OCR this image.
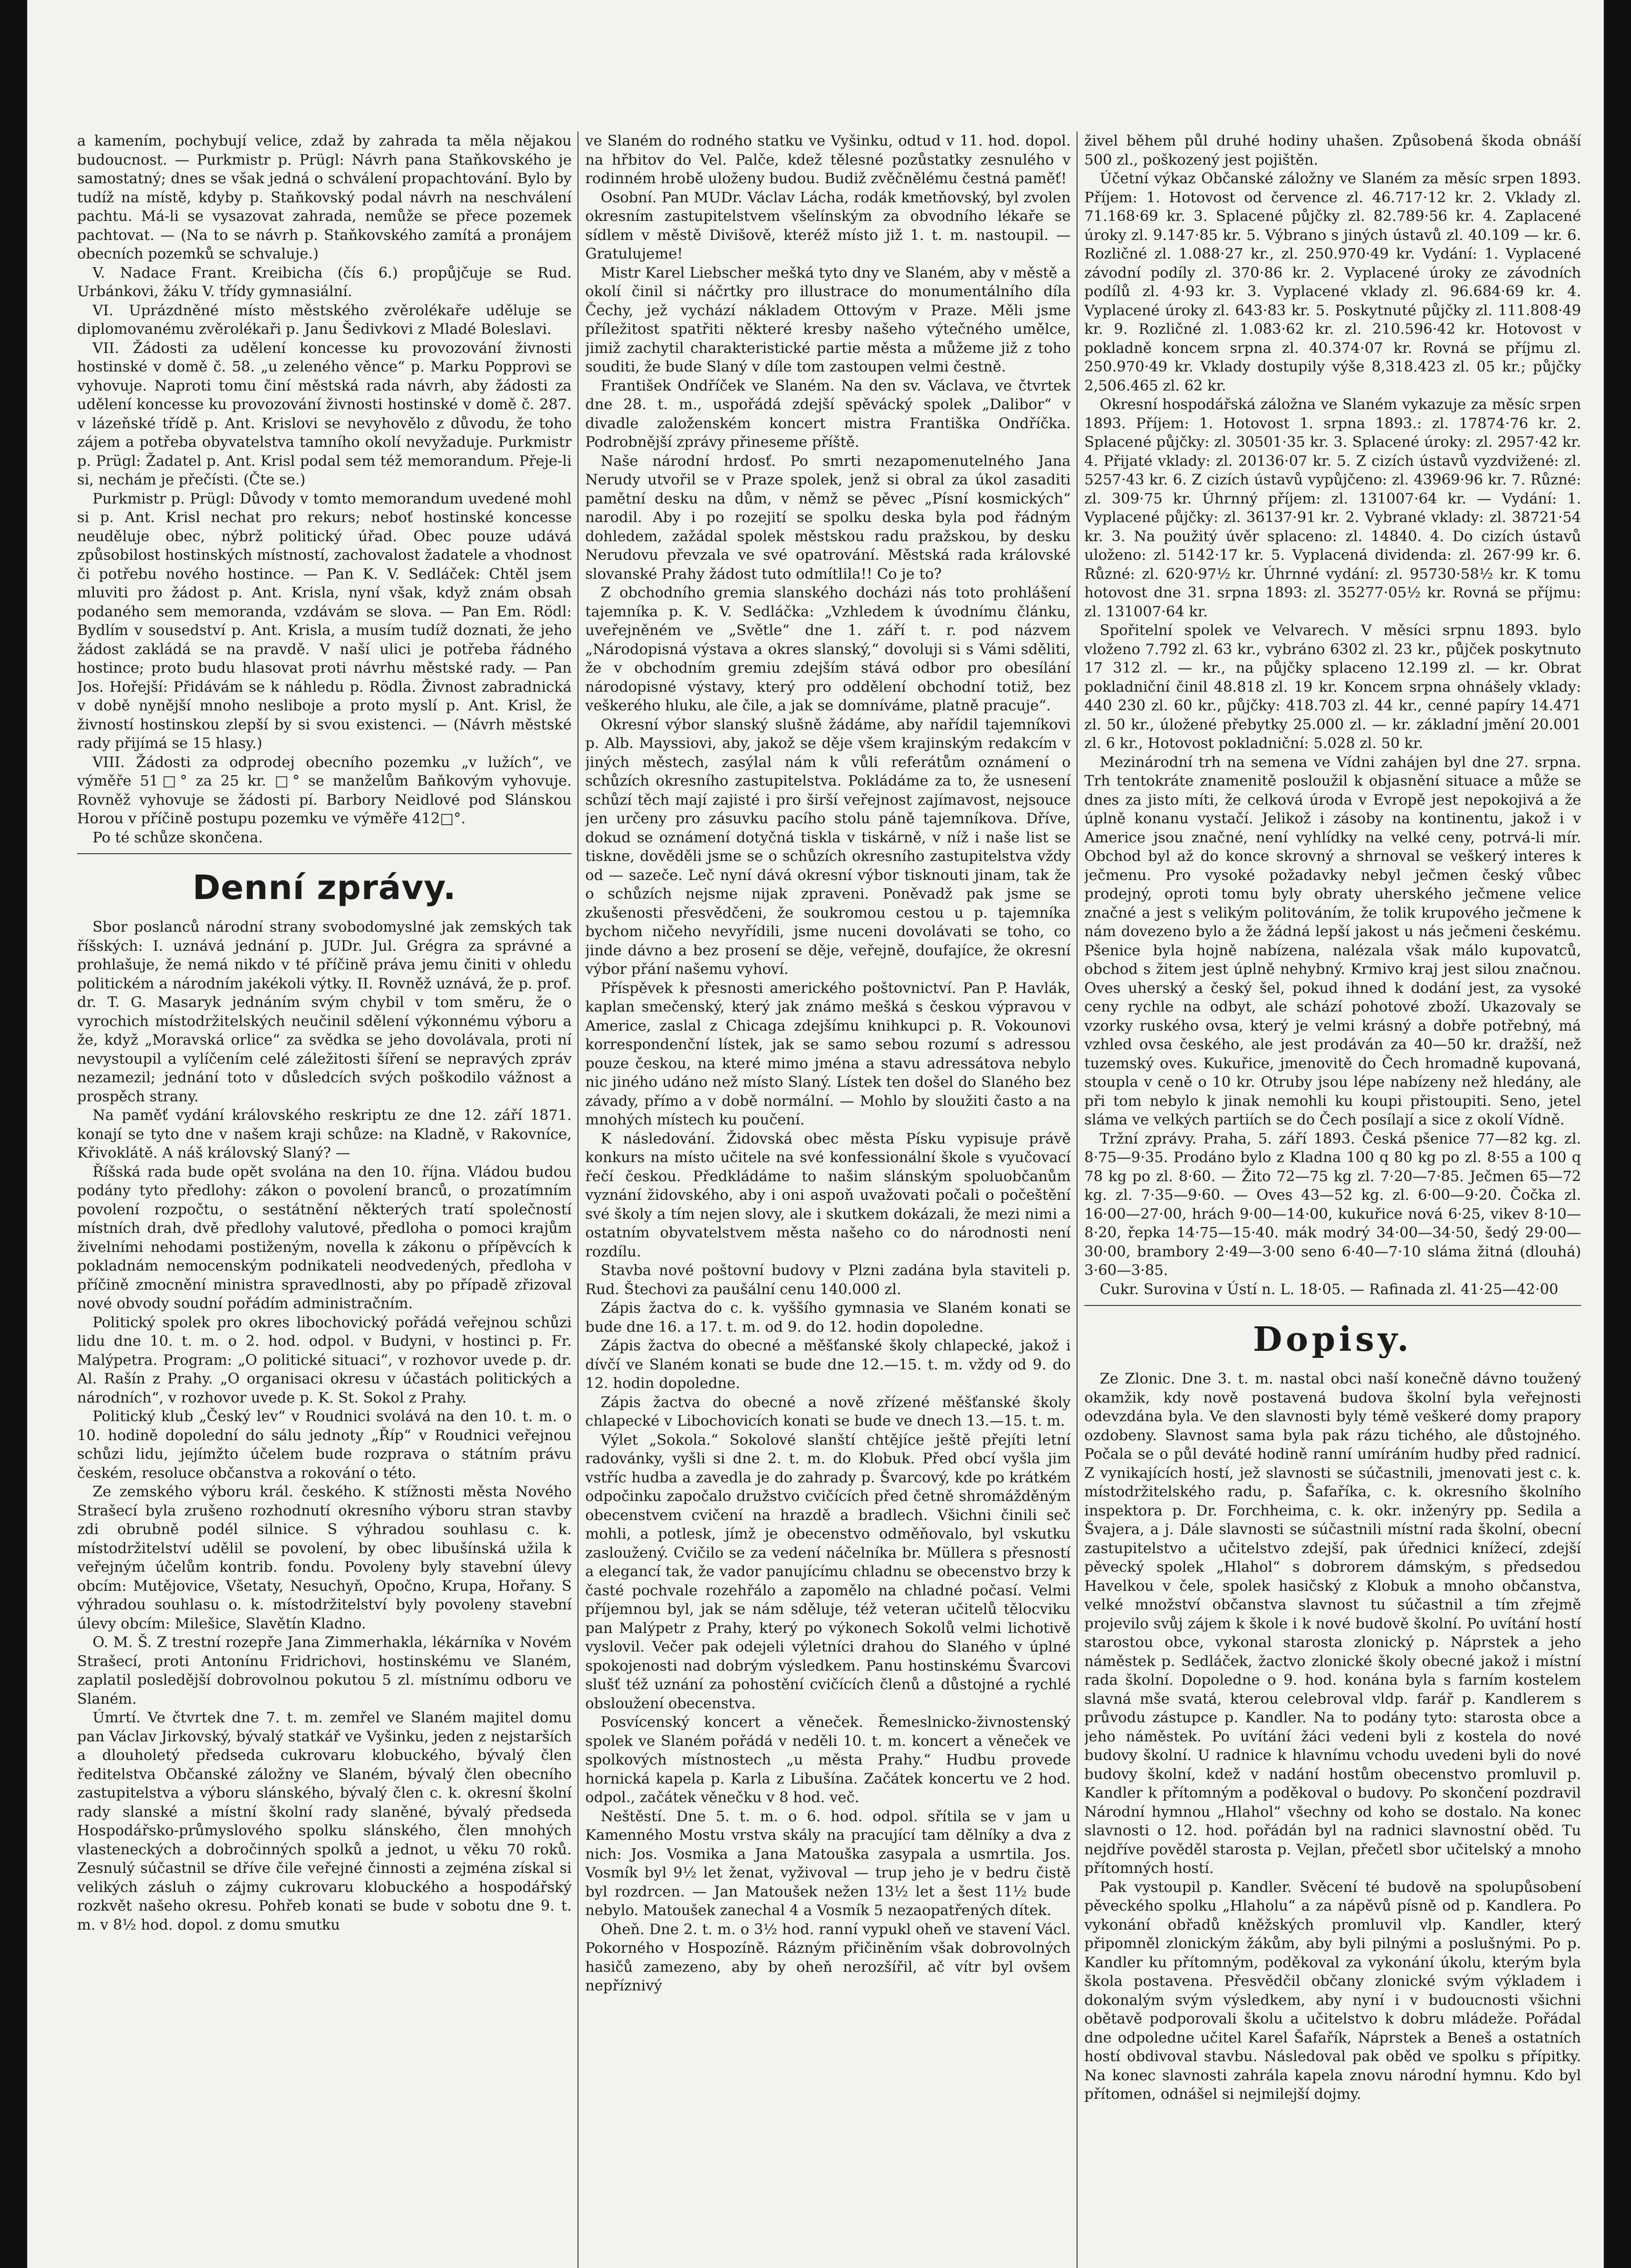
a kamením, pochybují velice, zdaž by zahrada ta měla nějakou budoucnost. — Purkmistr p. Prügl: Návrh pana Staňkovského je samostatný; dnes se však jedná o schválení propachtování. Bylo by tudíž na místě, kdyby p. Staňkovský podal návrh na neschválení pachtu. Má-li se vysazovat zahrada, nemůže se přece pozemek pachtovat. — (Na to se návrh p. Staňkovského zamítá a pronájem obecních pozemků se schvaluje.)

V. Nadace Frant. Kreibicha (čís 6.) propůjčuje se Rud. Urbánkovi, žáku V. třídy gymnasiální.

VI. Uprázdněné místo městského zvěrolékaře uděluje se diplomovanému zvěrolékaři p. Janu Šedivkovi z Mladé Boleslavi.

VII. Žádosti za udělení koncesse ku provozování živnosti hostinské v domě č. 58. „u zeleného věnce“ p. Marku Popprovi se vyhovuje. Naproti tomu činí městská rada návrh, aby žádosti za udělení koncesse ku provozování živnosti hostinské v domě č. 287. v lázeňské třídě p. Ant. Krislovi se nevyhovělo z důvodu, že toho zájem a potřeba obyvatelstva tamního okolí nevyžaduje. Purkmistr p. Prügl: Žadatel p. Ant. Krisl podal sem též memorandum. Přeje-li si, nechám je přečísti. (Čte se.)

Purkmistr p. Prügl: Důvody v tomto memorandum uvedené mohl si p. Ant. Krisl nechat pro rekurs; neboť hostinské koncesse neuděluje obec, nýbrž politický úřad. Obec pouze udává způsobilost hostinských místností, zachovalost žadatele a vhodnost či potřebu nového hostince. — Pan K. V. Sedláček: Chtěl jsem mluviti pro žádost p. Ant. Krisla, nyní však, když znám obsah podaného sem memoranda, vzdávám se slova. — Pan Em. Rödl: Bydlím v sousedství p. Ant. Krisla, a musím tudíž doznati, že jeho žádost zakládá se na pravdě. V naší ulici je potřeba řádného hostince; proto budu hlasovat proti návrhu městské rady. — Pan Jos. Hořejší: Přidávám se k náhledu p. Rödla. Živnost zabradnická v době nynější mnoho nesliboje a proto myslí p. Ant. Krisl, že živností hostinskou zlepší by si svou existenci. — (Návrh městské rady přijímá se 15 hlasy.)

VIII. Žádosti za odprodej obecního pozemku „v lužích“, ve výměře 51□° za 25 kr. □° se manželům Baňkovým vyhovuje. Rovněž vyhovuje se žádosti pí. Barbory Neidlové pod Slánskou Horou v příčině postupu pozemku ve výměře 412□°.

Po té schůze skončena.

Denní zprávy.

Sbor poslanců národní strany svobodomyslné jak zemských tak říšských: I. uznává jednání p. JUDr. Jul. Grégra za správné a prohlašuje, že nemá nikdo v té příčině práva jemu činiti v ohledu politickém a národním jakékoli výtky. II. Rovněž uznává, že p. prof. dr. T. G. Masaryk jednáním svým chybil v tom směru, že o vyrochich místodržitelských neučinil sdělení výkonnému výboru a že, když „Moravská orlice“ za svědka se jeho dovolávala, proti ní nevystoupil a vylíčením celé záležitosti šíření se nepravých zpráv nezamezil; jednání toto v důsledcích svých poškodilo vážnost a prospěch strany.

Na paměť vydání královského reskriptu ze dne 12. září 1871. konají se tyto dne v našem kraji schůze: na Kladně, v Rakovníce, Křivoklátě. A náš královský Slaný? —

Říšská rada bude opět svolána na den 10. října. Vládou budou podány tyto předlohy: zákon o povolení branců, o prozatímním povolení rozpočtu, o sestátnění některých tratí společností místních drah, dvě předlohy valutové, předloha o pomoci krajům živelními nehodami postiženým, novella k zákonu o přípěvcích k pokladnám nemocenským podnikateli neodvedených, předloha v příčině zmocnění ministra spravedlnosti, aby po případě zřizoval nové obvody soudní pořádím administračním.

Politický spolek pro okres libochovický pořádá veřejnou schůzi lidu dne 10. t. m. o 2. hod. odpol. v Budyni, v hostinci p. Fr. Malýpetra. Program: „O politické situaci“, v rozhovor uvede p. dr. Al. Rašín z Prahy. „O organisaci okresu v účastách politických a národních“, v rozhovor uvede p. K. St. Sokol z Prahy.

Politický klub „Český lev“ v Roudnici svolává na den 10. t. m. o 10. hodině dopolední do sálu jednoty „Říp“ v Roudnici veřejnou schůzi lidu, jejímžto účelem bude rozprava o státním právu českém, resoluce občanstva a rokování o této.

Ze zemského výboru král. českého. K stížnosti města Nového Strašecí byla zrušeno rozhodnutí okresního výboru stran stavby zdi obrubně podél silnice. S výhradou souhlasu c. k. místodržitelství udělil se povolení, by obec libušínská užila k veřejným účelům kontrib. fondu. Povoleny byly stavební úlevy obcím: Mutějovice, Všetaty, Nesuchyň, Opočno, Krupa, Hořany. S výhradou souhlasu o. k. místodržitelství byly povoleny stavební úlevy obcím: Milešice, Slavětín Kladno.

O. M. Š. Z trestní rozepře Jana Zimmerhakla, lékárníka v Novém Strašecí, proti Antonínu Fridrichovi, hostinskému ve Slaném, zaplatil posledější dobrovolnou pokutou 5 zl. místnímu odboru ve Slaném.

Úmrtí. Ve čtvrtek dne 7. t. m. zemřel ve Slaném majitel domu pan Václav Jirkovský, bývalý statkář ve Vyšinku, jeden z nejstarších a dlouholetý předseda cukrovaru klobuckého, bývalý člen ředitelstva Občanské záložny ve Slaném, bývalý člen obecního zastupitelstva a výboru slánského, bývalý člen c. k. okresní školní rady slanské a místní školní rady slaněné, bývalý předseda Hospodářsko-průmyslového spolku slánského, člen mnohých vlasteneckých a dobročinných spolků a jednot, u věku 70 roků. Zesnulý súčastnil se dříve čile veřejné činnosti a zejména získal si velikých zásluh o zájmy cukrovaru klobuckého a hospodářský rozkvět našeho okresu. Pohřeb konati se bude v sobotu dne 9. t. m. v 8½ hod. dopol. z domu smutku

ve Slaném do rodného statku ve Vyšinku, odtud v 11. hod. dopol. na hřbitov do Vel. Palče, kdež tělesné pozůstatky zesnulého v rodinném hrobě uloženy budou. Budiž zvěčnělému čestná paměť!

Osobní. Pan MUDr. Václav Lácha, rodák kmetňovský, byl zvolen okresním zastupitelstvem všelínským za obvodního lékaře se sídlem v městě Divišově, kteréž místo již 1. t. m. nastoupil. — Gratulujeme!

Mistr Karel Liebscher mešká tyto dny ve Slaném, aby v městě a okolí činil si náčrtky pro illustrace do monumentálního díla Čechy, jež vychází nákladem Ottovým v Praze. Měli jsme příležitost spatřiti některé kresby našeho výtečného umělce, jimiž zachytil charakteristické partie města a můžeme již z toho souditi, že bude Slaný v díle tom zastoupen velmi čestně.

František Ondříček ve Slaném. Na den sv. Václava, ve čtvrtek dne 28. t. m., uspořádá zdejší spěvácký spolek „Dalibor“ v divadle založenském koncert mistra Františka Ondříčka. Podrobnější zprávy přineseme příště.

Naše národní hrdosť. Po smrti nezapomenutelného Jana Nerudy utvořil se v Praze spolek, jenž si obral za úkol zasaditi pamětní desku na dům, v němž se pěvec „Písní kosmických“ narodil. Aby i po rozejití se spolku deska byla pod řádným dohledem, zažádal spolek městskou radu pražskou, by desku Nerudovu převzala ve své opatrování. Městská rada královské slovanské Prahy žádost tuto odmítlila!! Co je to?

Z obchodního gremia slanského docházi nás toto prohlášení tajemníka p. K. V. Sedláčka: „Vzhledem k úvodnímu článku, uveřejněném ve „Světle“ dne 1. září t. r. pod názvem „Národopisná výstava a okres slanský,“ dovoluji si s Vámi sděliti, že v obchodním gremiu zdejším stává odbor pro obesílání národopisné výstavy, který pro oddělení obchodní totiž, bez veškerého hluku, ale čile, a jak se domníváme, platně pracuje“.

Okresní výbor slanský slušně žádáme, aby nařídil tajemníkovi p. Alb. Mayssiovi, aby, jakož se děje všem krajinským redakcím v jiných městech, zasýlal nám k vůli referátům oznámení o schůzích okresního zastupitelstva. Pokládáme za to, že usnesení schůzí těch mají zajisté i pro širší veřejnost zajímavost, nejsouce jen určeny pro zásuvku pacího stolu páně tajemníkova. Dříve, dokud se oznámení dotyčná tiskla v tiskárně, v níž i naše list se tiskne, dověděli jsme se o schůzích okresního zastupitelstva vždy od — sazeče. Leč nyní dává okresní výbor tisknouti jinam, tak že o schůzích nejsme nijak zpraveni. Poněvadž pak jsme se zkušenosti přesvědčeni, že soukromou cestou u p. tajemníka bychom ničeho nevyřídili, jsme nuceni dovolávati se toho, co jinde dávno a bez prosení se děje, veřejně, doufajíce, že okresní výbor přání našemu vyhoví.

Příspěvek k přesnosti amerického poštovnictví. Pan P. Havlák, kaplan smečenský, který jak známo mešká s českou výpravou v Americe, zaslal z Chicaga zdejšímu knihkupci p. R. Vokounovi korrespondenční lístek, jak se samo sebou rozumí s adressou pouze českou, na které mimo jména a stavu adressátova nebylo nic jiného udáno než místo Slaný. Lístek ten došel do Slaného bez závady, přímo a v době normální. — Mohlo by sloužiti často a na mnohých místech ku poučení.

K následování. Židovská obec města Písku vypisuje právě konkurs na místo učitele na své konfessionální škole s vyučovací řečí českou. Předkládáme to našim slánským spoluobčanům vyznání židovského, aby i oni aspoň uvažovati počali o počeštění své školy a tím nejen slovy, ale i skutkem dokázali, že mezi nimi a ostatním obyvatelstvem města našeho co do národnosti není rozdílu.

Stavba nové poštovní budovy v Plzni zadána byla staviteli p. Rud. Štechovi za paušální cenu 140.000 zl.

Zápis žactva do c. k. vyššího gymnasia ve Slaném konati se bude dne 16. a 17. t. m. od 9. do 12. hodin dopoledne.

Zápis žactva do obecné a měšťanské školy chlapecké, jakož i dívčí ve Slaném konati se bude dne 12.—15. t. m. vždy od 9. do 12. hodin dopoledne.

Zápis žactva do obecné a nově zřízené měšťanské školy chlapecké v Libochovicích konati se bude ve dnech 13.—15. t. m.

Výlet „Sokola.“ Sokolové slanští chtějíce ještě přejíti letní radovánky, vyšli si dne 2. t. m. do Klobuk. Před obcí vyšla jim vstříc hudba a zavedla je do zahrady p. Švarcový, kde po krátkém odpočinku započalo družstvo cvičících před četně shromážděným obecenstvem cvičení na hrazdě a bradlech. Všichni činili seč mohli, a potlesk, jímž je obecenstvo odměňovalo, byl vskutku zasloužený. Cvičilo se za vedení náčelníka br. Müllera s přesností a elegancí tak, že vador panujícímu chladnu se obecenstvo brzy k časté pochvale rozehřálo a zapomělo na chladné počasí. Velmi příjemnou byl, jak se nám sděluje, též veteran učitelů tělocviku pan Malýpetr z Prahy, který po výkonech Sokolů velmi lichotivě vyslovil. Večer pak odejeli výletníci drahou do Slaného v úplné spokojenosti nad dobrým výsledkem. Panu hostinskému Švarcovi slušť též uznání za pohostění cvičících členů a důstojné a rychlé obsloužení obecenstva.

Posvícenský koncert a věneček. Řemeslnicko-živnostenský spolek ve Slaném pořádá v neděli 10. t. m. koncert a věneček ve spolkových místnostech „u města Prahy.“ Hudbu provede hornická kapela p. Karla z Libušína. Začátek koncertu ve 2 hod. odpol., začátek věnečku v 8 hod. več.

Neštěstí. Dne 5. t. m. o 6. hod. odpol. sřítila se v jam u Kamenného Mostu vrstva skály na pracující tam dělníky a dva z nich: Jos. Vosmika a Jana Matouška zasypala a usmrtila. Jos. Vosmík byl 9½ let ženat, vyživoval — trup jeho je v bedru čistě byl rozdrcen. — Jan Matoušek nežen 13½ let a šest 11½ bude nebylo. Matoušek zanechal 4 a Vosmík 5 nezaopatřených dítek.

Oheň. Dne 2. t. m. o 3½ hod. ranní vypukl oheň ve stavení Václ. Pokorného v Hospozíně. Rázným přičiněním však dobrovolných hasičů zamezeno, aby by oheň nerozšířil, ač vítr byl ovšem nepříznivý

živel během půl druhé hodiny uhašen. Způsobená škoda obnáší 500 zl., poškozený jest pojištěn.

Účetní výkaz Občanské záložny ve Slaném za měsíc srpen 1893. Příjem: 1. Hotovost od července zl. 46.717·12 kr. 2. Vklady zl. 71.168·69 kr. 3. Splacené půjčky zl. 82.789·56 kr. 4. Zaplacené úroky zl. 9.147·85 kr. 5. Výbrano s jiných ústavů zl. 40.109 — kr. 6. Rozličné zl. 1.088·27 kr., zl. 250.970·49 kr. Vydání: 1. Vyplacené závodní podíly zl. 370·86 kr. 2. Vyplacené úroky ze závodních podílů zl. 4·93 kr. 3. Vyplacené vklady zl. 96.684·69 kr. 4. Vyplacené úroky zl. 643·83 kr. 5. Poskytnuté půjčky zl. 111.808·49 kr. 9. Rozličné zl. 1.083·62 kr. zl. 210.596·42 kr. Hotovost v pokladně koncem srpna zl. 40.374·07 kr. Rovná se příjmu zl. 250.970·49 kr. Vklady dostupily výše 8,318.423 zl. 05 kr.; půjčky 2,506.465 zl. 62 kr.

Okresní hospodářská záložna ve Slaném vykazuje za měsíc srpen 1893. Příjem: 1. Hotovost 1. srpna 1893.: zl. 17874·76 kr. 2. Splacené půjčky: zl. 30501·35 kr. 3. Splacené úroky: zl. 2957·42 kr. 4. Přijaté vklady: zl. 20136·07 kr. 5. Z cizích ústavů vyzdvižené: zl. 5257·43 kr. 6. Z cizích ústavů vypůjčeno: zl. 43969·96 kr. 7. Různé: zl. 309·75 kr. Úhrnný příjem: zl. 131007·64 kr. — Vydání: 1. Vyplacené půjčky: zl. 36137·91 kr. 2. Vybrané vklady: zl. 38721·54 kr. 3. Na použitý úvěr splaceno: zl. 14840. 4. Do cizích ústavů uloženo: zl. 5142·17 kr. 5. Vyplacená dividenda: zl. 267·99 kr. 6. Různé: zl. 620·97½ kr. Úhrnné vydání: zl. 95730·58½ kr. K tomu hotovost dne 31. srpna 1893: zl. 35277·05½ kr. Rovná se příjmu: zl. 131007·64 kr.

Spořitelní spolek ve Velvarech. V měsíci srpnu 1893. bylo vloženo 7.792 zl. 63 kr., vybráno 6302 zl. 23 kr., půjček poskytnuto 17 312 zl. — kr., na půjčky splaceno 12.199 zl. — kr. Obrat pokladniční činil 48.818 zl. 19 kr. Koncem srpna ohnášely vklady: 440 230 zl. 60 kr., půjčky: 418.703 zl. 44 kr., cenné papíry 14.471 zl. 50 kr., úložené přebytky 25.000 zl. — kr. základní jmění 20.001 zl. 6 kr., Hotovost pokladniční: 5.028 zl. 50 kr.

Mezinárodní trh na semena ve Vídni zahájen byl dne 27. srpna. Trh tentokráte znamenitě posloužil k objasnění situace a může se dnes za jisto míti, že celková úroda v Evropě jest nepokojivá a že úplně konanu vystačí. Jelikož i zásoby na kontinentu, jakož i v Americe jsou značné, není vyhlídky na velké ceny, potrvá-li mír. Obchod byl až do konce skrovný a shrnoval se veškerý interes k ječmenu. Pro vysoké požadavky nebyl ječmen český vůbec prodejný, oproti tomu byly obraty uherského ječmene velice značné a jest s velikým politováním, že tolik krupového ječmene k nám dovezeno bylo a že žádná lepší jakost u nás ječmeni českému. Pšenice byla hojně nabízena, nalézala však málo kupovatců, obchod s žitem jest úplně nehybný. Krmivo kraj jest silou značnou. Oves uherský a český šel, pokud ihned k dodání jest, za vysoké ceny rychle na odbyt, ale schází pohotové zboží. Ukazovaly se vzorky ruského ovsa, který je velmi krásný a dobře potřebný, má vzhled ovsa českého, ale jest prodáván za 40—50 kr. dražší, než tuzemský oves. Kukuřice, jmenovitě do Čech hromadně kupovaná, stoupla v ceně o 10 kr. Otruby jsou lépe nabízeny než hledány, ale při tom nebylo k jinak nemohli ku koupi přistoupiti. Seno, jetel sláma ve velkých partiích se do Čech posílají a sice z okolí Vídně.

Tržní zprávy. Praha, 5. září 1893. Česká pšenice 77—82 kg. zl. 8·75—9·35. Prodáno bylo z Kladna 100 q 80 kg po zl. 8·55 a 100 q 78 kg po zl. 8·60. — Žito 72—75 kg zl. 7·20—7·85. Ječmen 65—72 kg. zl. 7·35—9·60. — Oves 43—52 kg. zl. 6·00—9·20. Čočka zl. 16·00—27·00, hrách 9·00—14·00, kukuřice nová 6·25, vikev 8·10—8·20, řepka 14·75—15·40. mák modrý 34·00—34·50, šedý 29·00—30·00, brambory 2·49—3·00 seno 6·40—7·10 sláma žitná (dlouhá) 3·60—3·85.

Cukr. Surovina v Ústí n. L. 18·05. — Rafinada zl. 41·25—42·00

Dopisy.

Ze Zlonic. Dne 3. t. m. nastal obci naší konečně dávno toužený okamžik, kdy nově postavená budova školní byla veřejnosti odevzdána byla. Ve den slavnosti byly témě veškeré domy prapory ozdobeny. Slavnost sama byla pak rázu tichého, ale důstojného. Počala se o půl deváté hodině ranní umíráním hudby před radnicí. Z vynikajících hostí, jež slavnosti se súčastnili, jmenovati jest c. k. místodržitelského radu, p. Šafaříka, c. k. okresního školního inspektora p. Dr. Forchheima, c. k. okr. inženýry pp. Sedila a Švajera, a j. Dále slavnosti se súčastnili místní rada školní, obecní zastupitelstvo a učitelstvo zdejší, pak úřednici knížecí, zdejší pěvecký spolek „Hlahol“ s dobrorem dámským, s předsedou Havelkou v čele, spolek hasičský z Klobuk a mnoho občanstva, velké množství občanstva slavnost tu súčastnil a tím zřejmě projevilo svůj zájem k škole i k nové budově školní. Po uvítání hostí starostou obce, vykonal starosta zlonický p. Náprstek a jeho náměstek p. Sedláček, žactvo zlonické školy obecné jakož i místní rada školní. Dopoledne o 9. hod. konána byla s farním kostelem slavná mše svatá, kterou celebroval vldp. farář p. Kandlerem s průvodu zástupce p. Kandler. Na to podány tyto: starosta obce a jeho náměstek. Po uvítání žáci vedeni byli z kostela do nové budovy školní. U radnice k hlavnímu vchodu uvedeni byli do nové budovy školní, kdež v nadání hostům obecenstvo promluvil p. Kandler k přítomným a poděkoval o budovy. Po skončení pozdravil Národní hymnou „Hlahol“ všechny od koho se dostalo. Na konec slavnosti o 12. hod. pořádán byl na radnici slavnostní oběd. Tu nejdříve pověděl starosta p. Vejlan, přečetl sbor učitelský a mnoho přítomných hostí.

Pak vystoupil p. Kandler. Svěcení té budově na spolupůsobení pěveckého spolku „Hlaholu“ a za nápěvů písně od p. Kandlera. Po vykonání obřadů kněžských promluvil vlp. Kandler, který připomněl zlonickým žákům, aby byli pilnými a poslušnými. Po p. Kandler ku přítomným, poděkoval za vykonání úkolu, kterým byla škola postavena. Přesvědčil občany zlonické svým výkladem i dokonalým svým výsledkem, aby nyní i v budoucnosti všichni obětavě podporovali školu a učitelstvo k dobru mládeže. Pořádal dne odpoledne učitel Karel Šafařík, Náprstek a Beneš a ostatních hostí obdivoval stavbu. Následoval pak oběd ve spolku s přípitky. Na konec slavnosti zahrála kapela znovu národní hymnu. Kdo byl přítomen, odnášel si nejmilejší dojmy.
